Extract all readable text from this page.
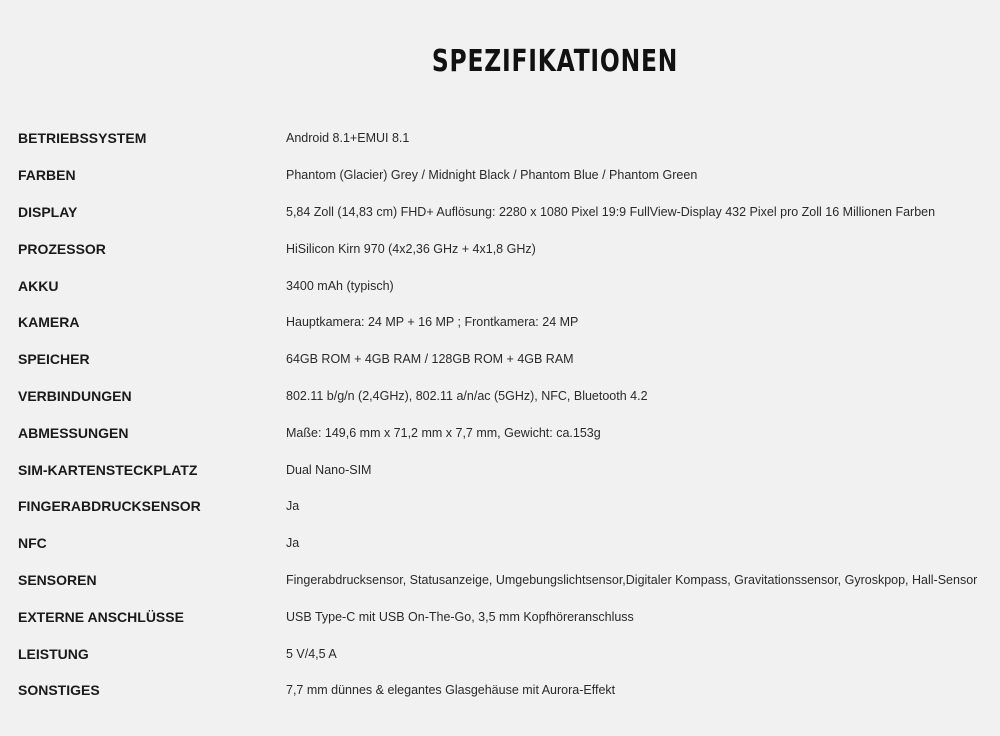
SPEZIFIKATIONEN
BETRIEBSSYSTEM	Android 8.1+EMUI 8.1
FARBEN	Phantom (Glacier) Grey / Midnight Black / Phantom Blue / Phantom Green
DISPLAY	5,84 Zoll (14,83 cm) FHD+ Auflösung: 2280 x 1080 Pixel 19:9 FullView-Display 432 Pixel pro Zoll 16 Millionen Farben
PROZESSOR	HiSilicon Kirn 970 (4x2,36 GHz + 4x1,8 GHz)
AKKU	3400 mAh (typisch)
KAMERA	Hauptkamera: 24 MP + 16 MP ; Frontkamera: 24 MP
SPEICHER	64GB ROM + 4GB RAM / 128GB ROM + 4GB RAM
VERBINDUNGEN	802.11 b/g/n (2,4GHz), 802.11 a/n/ac (5GHz), NFC, Bluetooth 4.2
ABMESSUNGEN	Maße: 149,6 mm x 71,2 mm x 7,7 mm, Gewicht: ca.153g
SIM-KARTENSTECKPLATZ	Dual Nano-SIM
FINGERABDRUCKSENSOR	Ja
NFC	Ja
SENSOREN	Fingerabdrucksensor, Statusanzeige, Umgebungslichtsensor,Digitaler Kompass, Gravitationssensor, Gyroskpop, Hall-Sensor
EXTERNE ANSCHLÜSSE	USB Type-C mit USB On-The-Go, 3,5 mm Kopfhöreranschluss
LEISTUNG	5 V/4,5 A
SONSTIGES	7,7 mm dünnes & elegantes Glasgehäuse mit Aurora-Effekt
